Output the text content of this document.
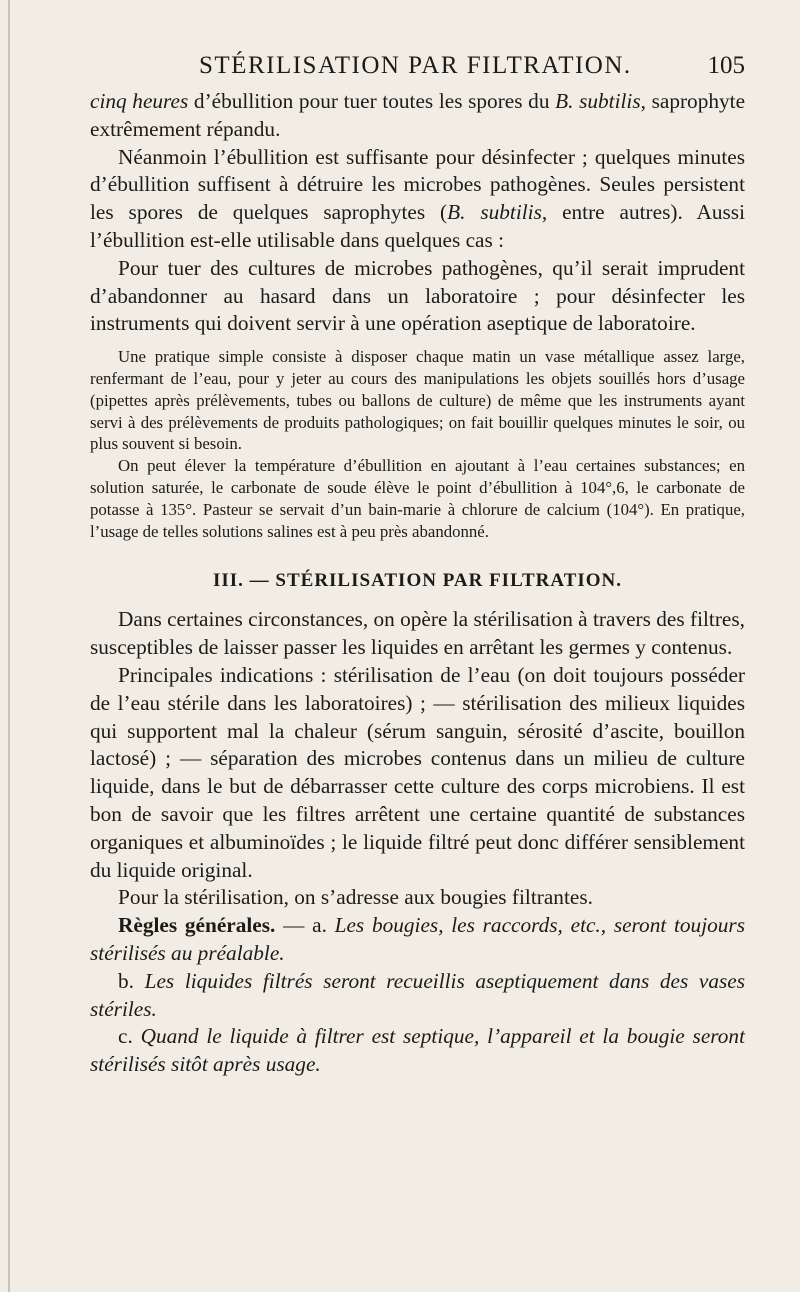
STÉRILISATION PAR FILTRATION.	105

cinq heures d’ébullition pour tuer toutes les spores du B. subtilis, saprophyte extrêmement répandu.

Néanmoin l’ébullition est suffisante pour désinfecter ; quelques minutes d’ébullition suffisent à détruire les microbes pathogènes. Seules persistent les spores de quelques saprophytes (B. subtilis, entre autres). Aussi l’ébullition est-elle utilisable dans quelques cas :

Pour tuer des cultures de microbes pathogènes, qu’il serait imprudent d’abandonner au hasard dans un laboratoire ; pour désinfecter les instruments qui doivent servir à une opération aseptique de laboratoire.

Une pratique simple consiste à disposer chaque matin un vase métallique assez large, renfermant de l’eau, pour y jeter au cours des manipulations les objets souillés hors d’usage (pipettes après prélèvements, tubes ou ballons de culture) de même que les instruments ayant servi à des prélèvements de produits pathologiques; on fait bouillir quelques minutes le soir, ou plus souvent si besoin.

On peut élever la température d’ébullition en ajoutant à l’eau certaines substances; en solution saturée, le carbonate de soude élève le point d’ébullition à 104°,6, le carbonate de potasse à 135°. Pasteur se servait d’un bain-marie à chlorure de calcium (104°). En pratique, l’usage de telles solutions salines est à peu près abandonné.

III. — STÉRILISATION PAR FILTRATION.

Dans certaines circonstances, on opère la stérilisation à travers des filtres, susceptibles de laisser passer les liquides en arrêtant les germes y contenus.

Principales indications : stérilisation de l’eau (on doit toujours posséder de l’eau stérile dans les laboratoires) ; — stérilisation des milieux liquides qui supportent mal la chaleur (sérum sanguin, sérosité d’ascite, bouillon lactosé) ; — séparation des microbes contenus dans un milieu de culture liquide, dans le but de débarrasser cette culture des corps microbiens. Il est bon de savoir que les filtres arrêtent une certaine quantité de substances organiques et albuminoïdes ; le liquide filtré peut donc différer sensiblement du liquide original.

Pour la stérilisation, on s’adresse aux bougies filtrantes.

Règles générales. — a. Les bougies, les raccords, etc., seront toujours stérilisés au préalable.

b. Les liquides filtrés seront recueillis aseptiquement dans des vases stériles.

c. Quand le liquide à filtrer est septique, l’appareil et la bougie seront stérilisés sitôt après usage.
